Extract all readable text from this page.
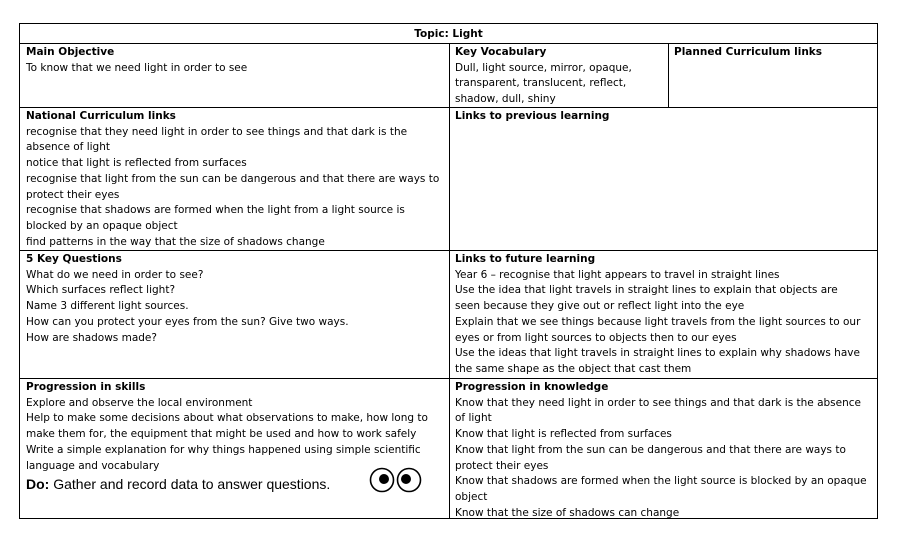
Topic: Light
Main Objective
To know that we need light in order to see
Key Vocabulary
Dull, light source, mirror, opaque,
transparent, translucent, reflect,
shadow, dull, shiny
Planned Curriculum links
National Curriculum links
recognise that they need light in order to see things and that dark is the
absence of light
notice that light is reflected from surfaces
recognise that light from the sun can be dangerous and that there are ways to
protect their eyes
recognise that shadows are formed when the light from a light source is
blocked by an opaque object
find patterns in the way that the size of shadows change
Links to previous learning
5 Key Questions
What do we need in order to see?
Which surfaces reflect light?
Name 3 different light sources.
How can you protect your eyes from the sun? Give two ways.
How are shadows made?
Links to future learning
Year 6 – recognise that light appears to travel in straight lines
Use the idea that light travels in straight lines to explain that objects are
seen because they give out or reflect light into the eye
Explain that we see things because light travels from the light sources to our
eyes or from light sources to objects then to our eyes
Use the ideas that light travels in straight lines to explain why shadows have
the same shape as the object that cast them
Progression in skills
Explore and observe the local environment
Help to make some decisions about what observations to make, how long to
make them for, the equipment that might be used and how to work safely
Write a simple explanation for why things happened using simple scientific
language and vocabulary
Do: Gather and record data to answer questions.
Progression in knowledge
Know that they need light in order to see things and that dark is the absence
of light
Know that light is reflected from surfaces
Know that light from the sun can be dangerous and that there are ways to
protect their eyes
Know that shadows are formed when the light source is blocked by an opaque
object
Know that the size of shadows can change
